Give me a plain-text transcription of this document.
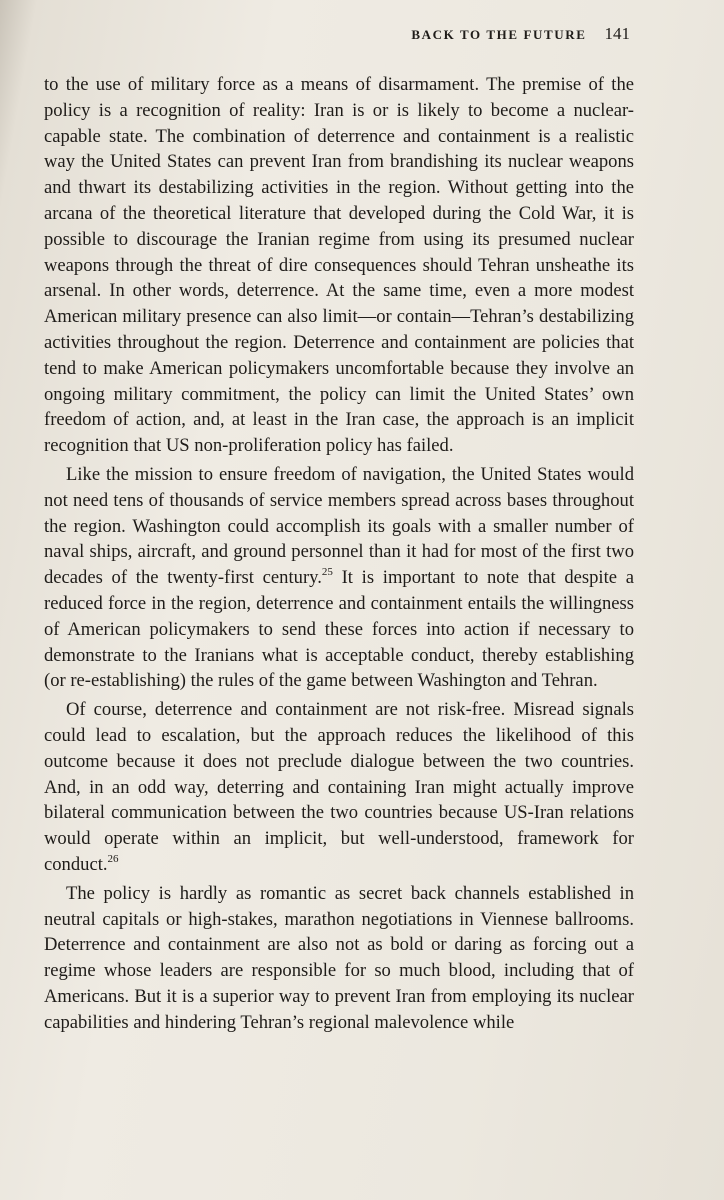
BACK TO THE FUTURE 141

to the use of military force as a means of disarmament. The premise of the policy is a recognition of reality: Iran is or is likely to become a nuclear-capable state. The combination of deterrence and containment is a realistic way the United States can prevent Iran from brandishing its nuclear weapons and thwart its destabilizing activities in the region. Without getting into the arcana of the theoretical literature that developed during the Cold War, it is possible to discourage the Iranian regime from using its presumed nuclear weapons through the threat of dire consequences should Tehran unsheathe its arsenal. In other words, deterrence. At the same time, even a more modest American military presence can also limit—or contain—Tehran’s destabilizing activities throughout the region. Deterrence and containment are policies that tend to make American policymakers uncomfortable because they involve an ongoing military commitment, the policy can limit the United States’ own freedom of action, and, at least in the Iran case, the approach is an implicit recognition that US non-proliferation policy has failed.

Like the mission to ensure freedom of navigation, the United States would not need tens of thousands of service members spread across bases throughout the region. Washington could accomplish its goals with a smaller number of naval ships, aircraft, and ground personnel than it had for most of the first two decades of the twenty-first century.$^{25}$ It is important to note that despite a reduced force in the region, deterrence and containment entails the willingness of American policymakers to send these forces into action if necessary to demonstrate to the Iranians what is acceptable conduct, thereby establishing (or re-establishing) the rules of the game between Washington and Tehran.

Of course, deterrence and containment are not risk-free. Misread signals could lead to escalation, but the approach reduces the likelihood of this outcome because it does not preclude dialogue between the two countries. And, in an odd way, deterring and containing Iran might actually improve bilateral communication between the two countries because US-Iran relations would operate within an implicit, but well-understood, framework for conduct.$^{26}$

The policy is hardly as romantic as secret back channels established in neutral capitals or high-stakes, marathon negotiations in Viennese ballrooms. Deterrence and containment are also not as bold or daring as forcing out a regime whose leaders are responsible for so much blood, including that of Americans. But it is a superior way to prevent Iran from employing its nuclear capabilities and hindering Tehran’s regional malevolence while
